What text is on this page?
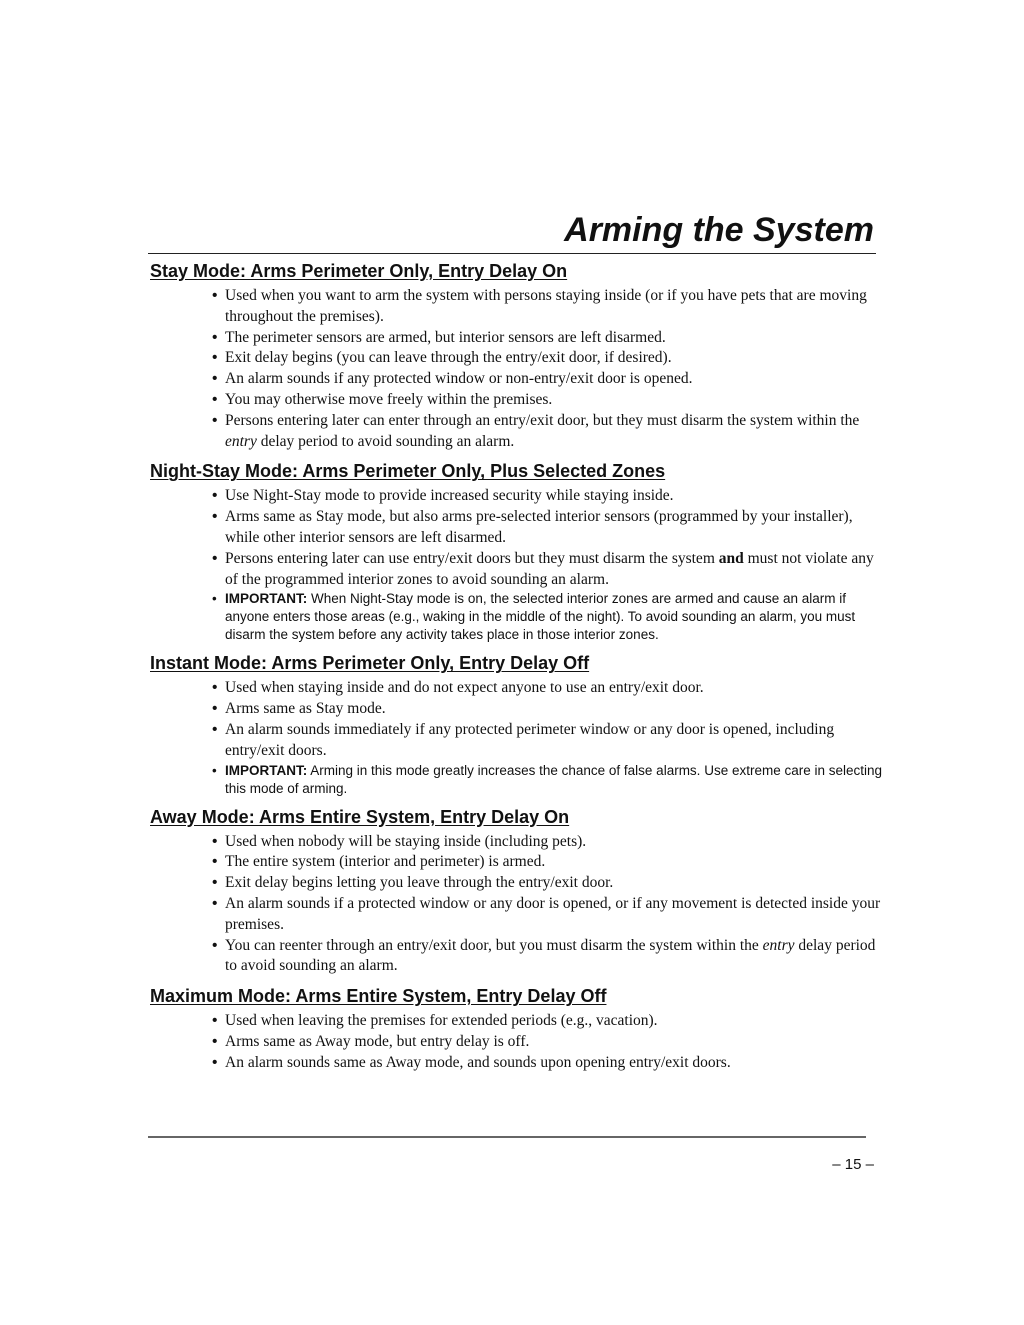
Arming the System
Stay Mode: Arms Perimeter Only, Entry Delay On
• Used when you want to arm the system with persons staying inside (or if you have pets that are moving throughout the premises).
• The perimeter sensors are armed, but interior sensors are left disarmed.
• Exit delay begins (you can leave through the entry/exit door, if desired).
• An alarm sounds if any protected window or non-entry/exit door is opened.
• You may otherwise move freely within the premises.
• Persons entering later can enter through an entry/exit door, but they must disarm the system within the entry delay period to avoid sounding an alarm.
Night-Stay Mode: Arms Perimeter Only, Plus Selected Zones
• Use Night-Stay mode to provide increased security while staying inside.
• Arms same as Stay mode, but also arms pre-selected interior sensors (programmed by your installer), while other interior sensors are left disarmed.
• Persons entering later can use entry/exit doors but they must disarm the system and must not violate any of the programmed interior zones to avoid sounding an alarm.
• IMPORTANT: When Night-Stay mode is on, the selected interior zones are armed and cause an alarm if anyone enters those areas (e.g., waking in the middle of the night). To avoid sounding an alarm, you must disarm the system before any activity takes place in those interior zones.
Instant Mode: Arms Perimeter Only, Entry Delay Off
• Used when staying inside and do not expect anyone to use an entry/exit door.
• Arms same as Stay mode.
• An alarm sounds immediately if any protected perimeter window or any door is opened, including entry/exit doors.
• IMPORTANT: Arming in this mode greatly increases the chance of false alarms. Use extreme care in selecting this mode of arming.
Away Mode: Arms Entire System, Entry Delay On
• Used when nobody will be staying inside (including pets).
• The entire system (interior and perimeter) is armed.
• Exit delay begins letting you leave through the entry/exit door.
• An alarm sounds if a protected window or any door is opened, or if any movement is detected inside your premises.
• You can reenter through an entry/exit door, but you must disarm the system within the entry delay period to avoid sounding an alarm.
Maximum Mode: Arms Entire System, Entry Delay Off
• Used when leaving the premises for extended periods (e.g., vacation).
• Arms same as Away mode, but entry delay is off.
• An alarm sounds same as Away mode, and sounds upon opening entry/exit doors.
– 15 –
